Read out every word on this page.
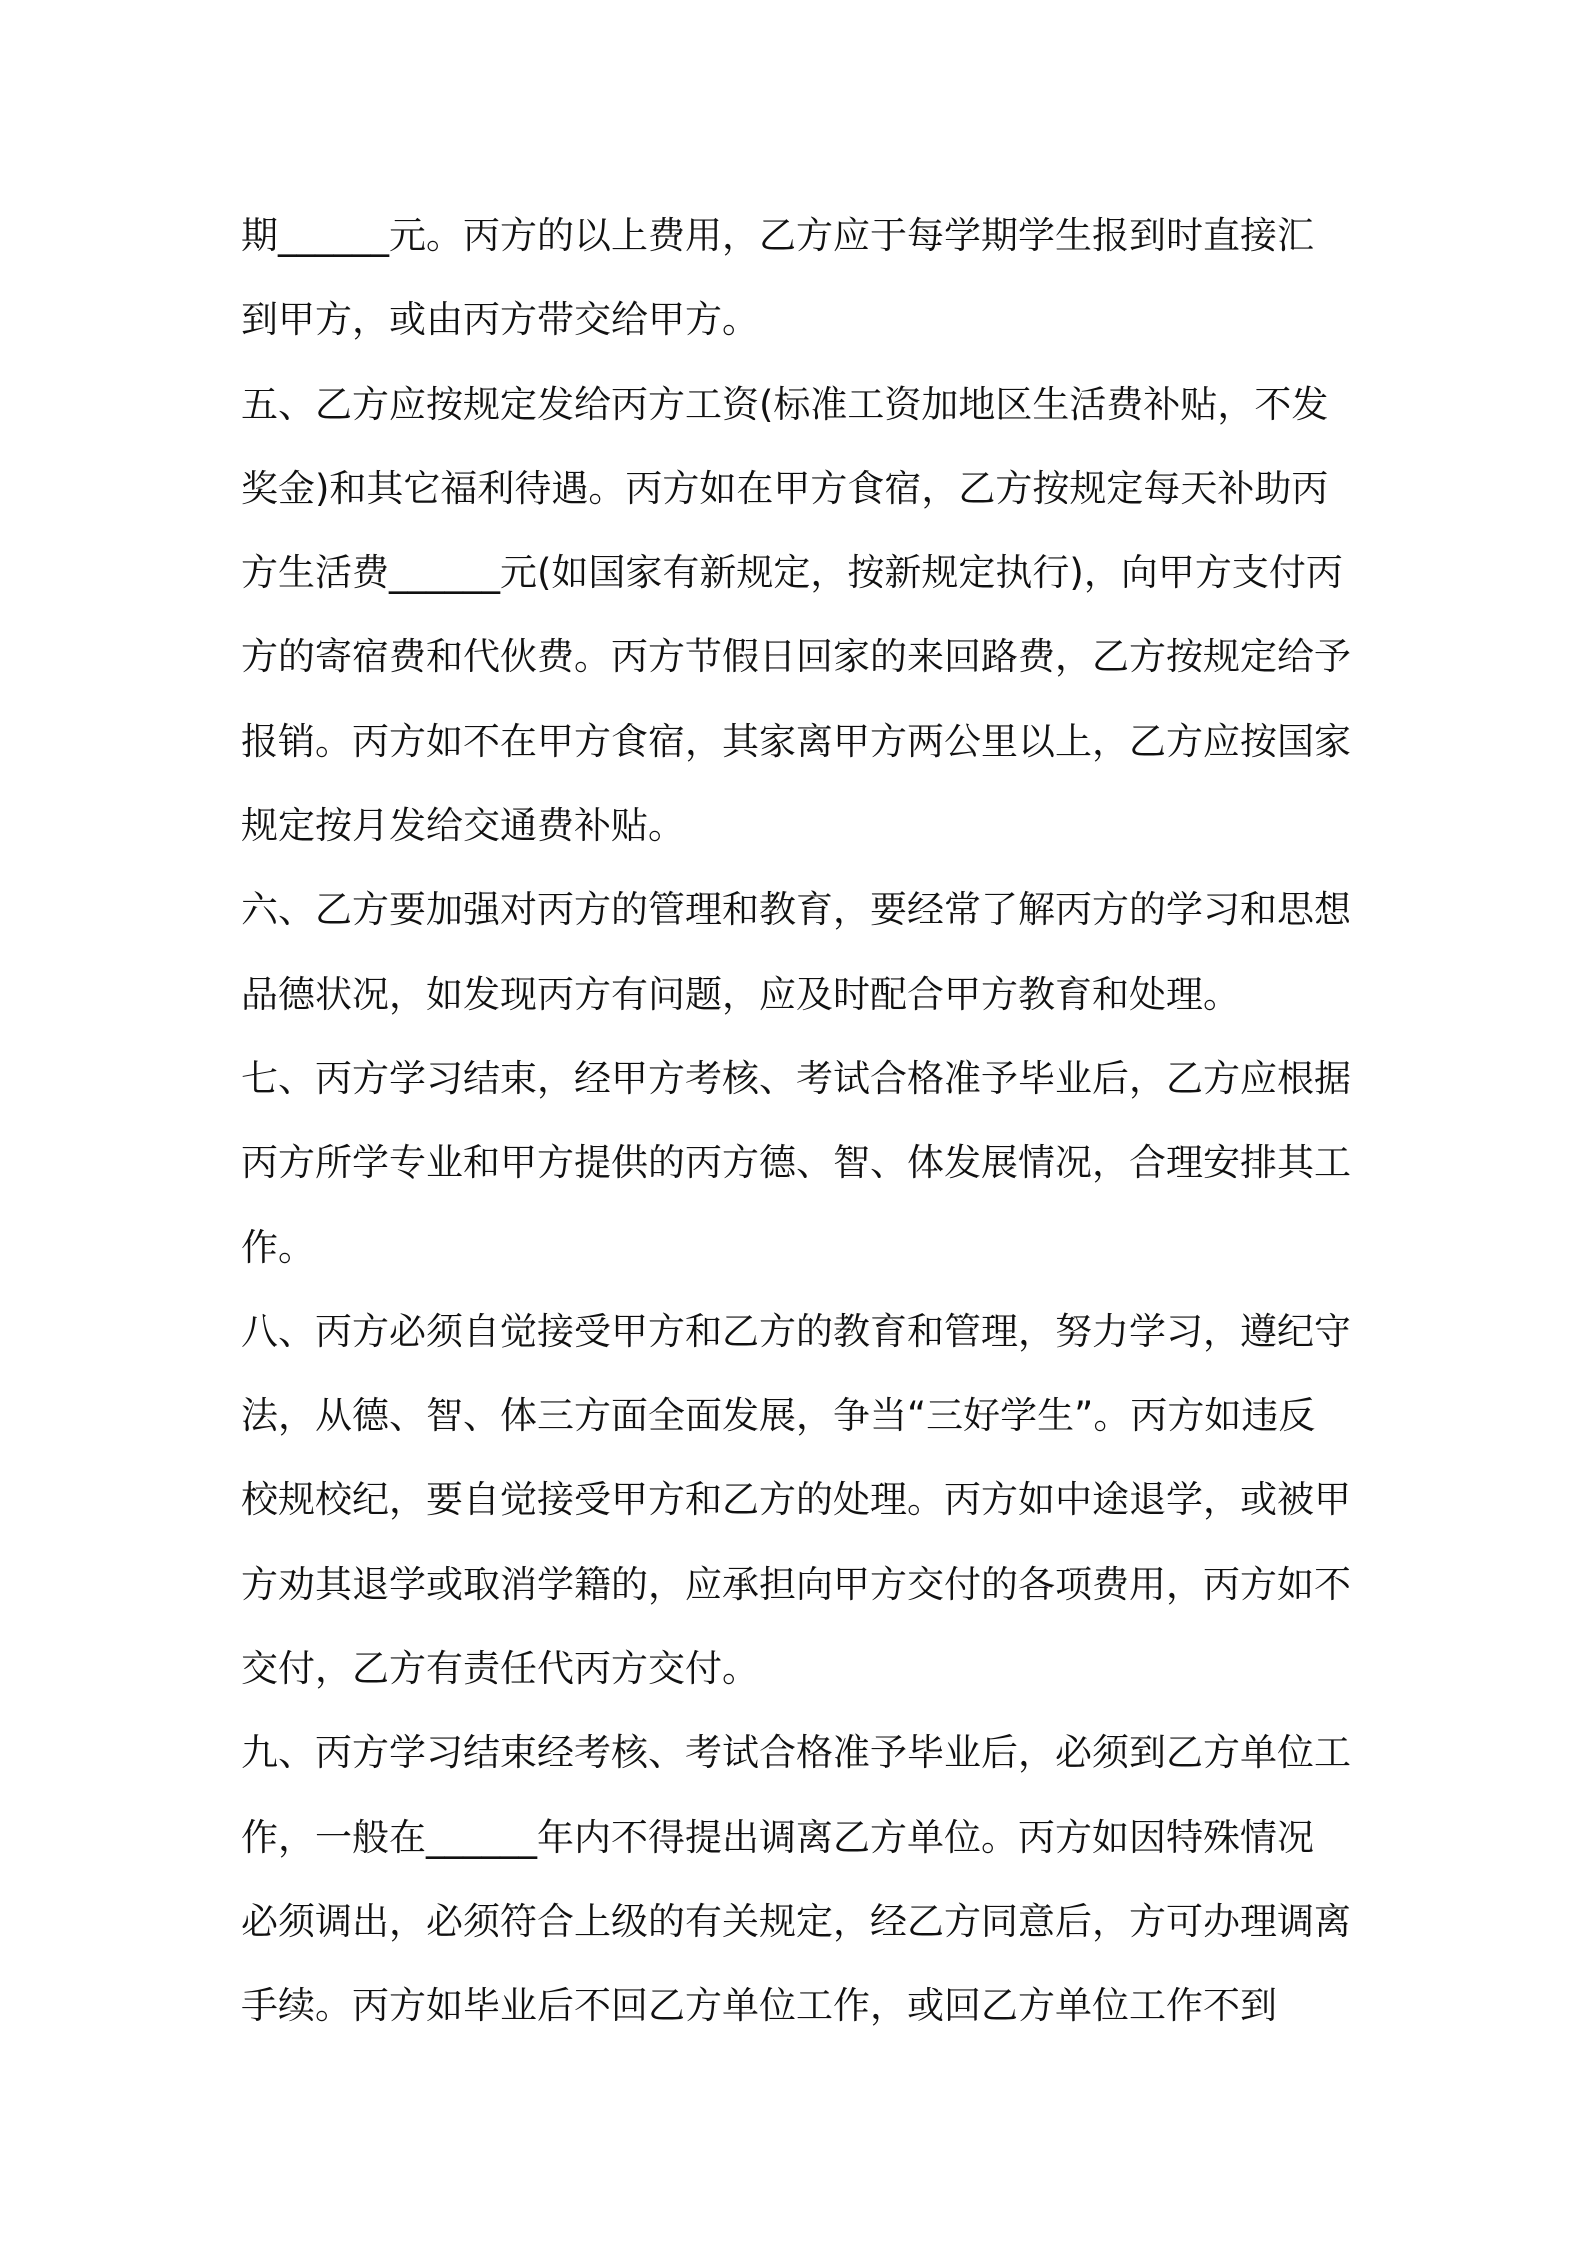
期______元。丙方的以上费用，乙方应于每学期学生报到时直接汇
到甲方，或由丙方带交给甲方。
五、乙方应按规定发给丙方工资(标准工资加地区生活费补贴，不发
奖金)和其它福利待遇。丙方如在甲方食宿，乙方按规定每天补助丙
方生活费______元(如国家有新规定，按新规定执行)，向甲方支付丙
方的寄宿费和代伙费。丙方节假日回家的来回路费，乙方按规定给予
报销。丙方如不在甲方食宿，其家离甲方两公里以上，乙方应按国家
规定按月发给交通费补贴。
六、乙方要加强对丙方的管理和教育，要经常了解丙方的学习和思想
品德状况，如发现丙方有问题，应及时配合甲方教育和处理。
七、丙方学习结束，经甲方考核、考试合格准予毕业后，乙方应根据
丙方所学专业和甲方提供的丙方德、智、体发展情况，合理安排其工
作。
八、丙方必须自觉接受甲方和乙方的教育和管理，努力学习，遵纪守
法，从德、智、体三方面全面发展，争当“三好学生”。丙方如违反
校规校纪，要自觉接受甲方和乙方的处理。丙方如中途退学，或被甲
方劝其退学或取消学籍的，应承担向甲方交付的各项费用，丙方如不
交付，乙方有责任代丙方交付。
九、丙方学习结束经考核、考试合格准予毕业后，必须到乙方单位工
作，一般在______年内不得提出调离乙方单位。丙方如因特殊情况
必须调出，必须符合上级的有关规定，经乙方同意后，方可办理调离
手续。丙方如毕业后不回乙方单位工作，或回乙方单位工作不到
